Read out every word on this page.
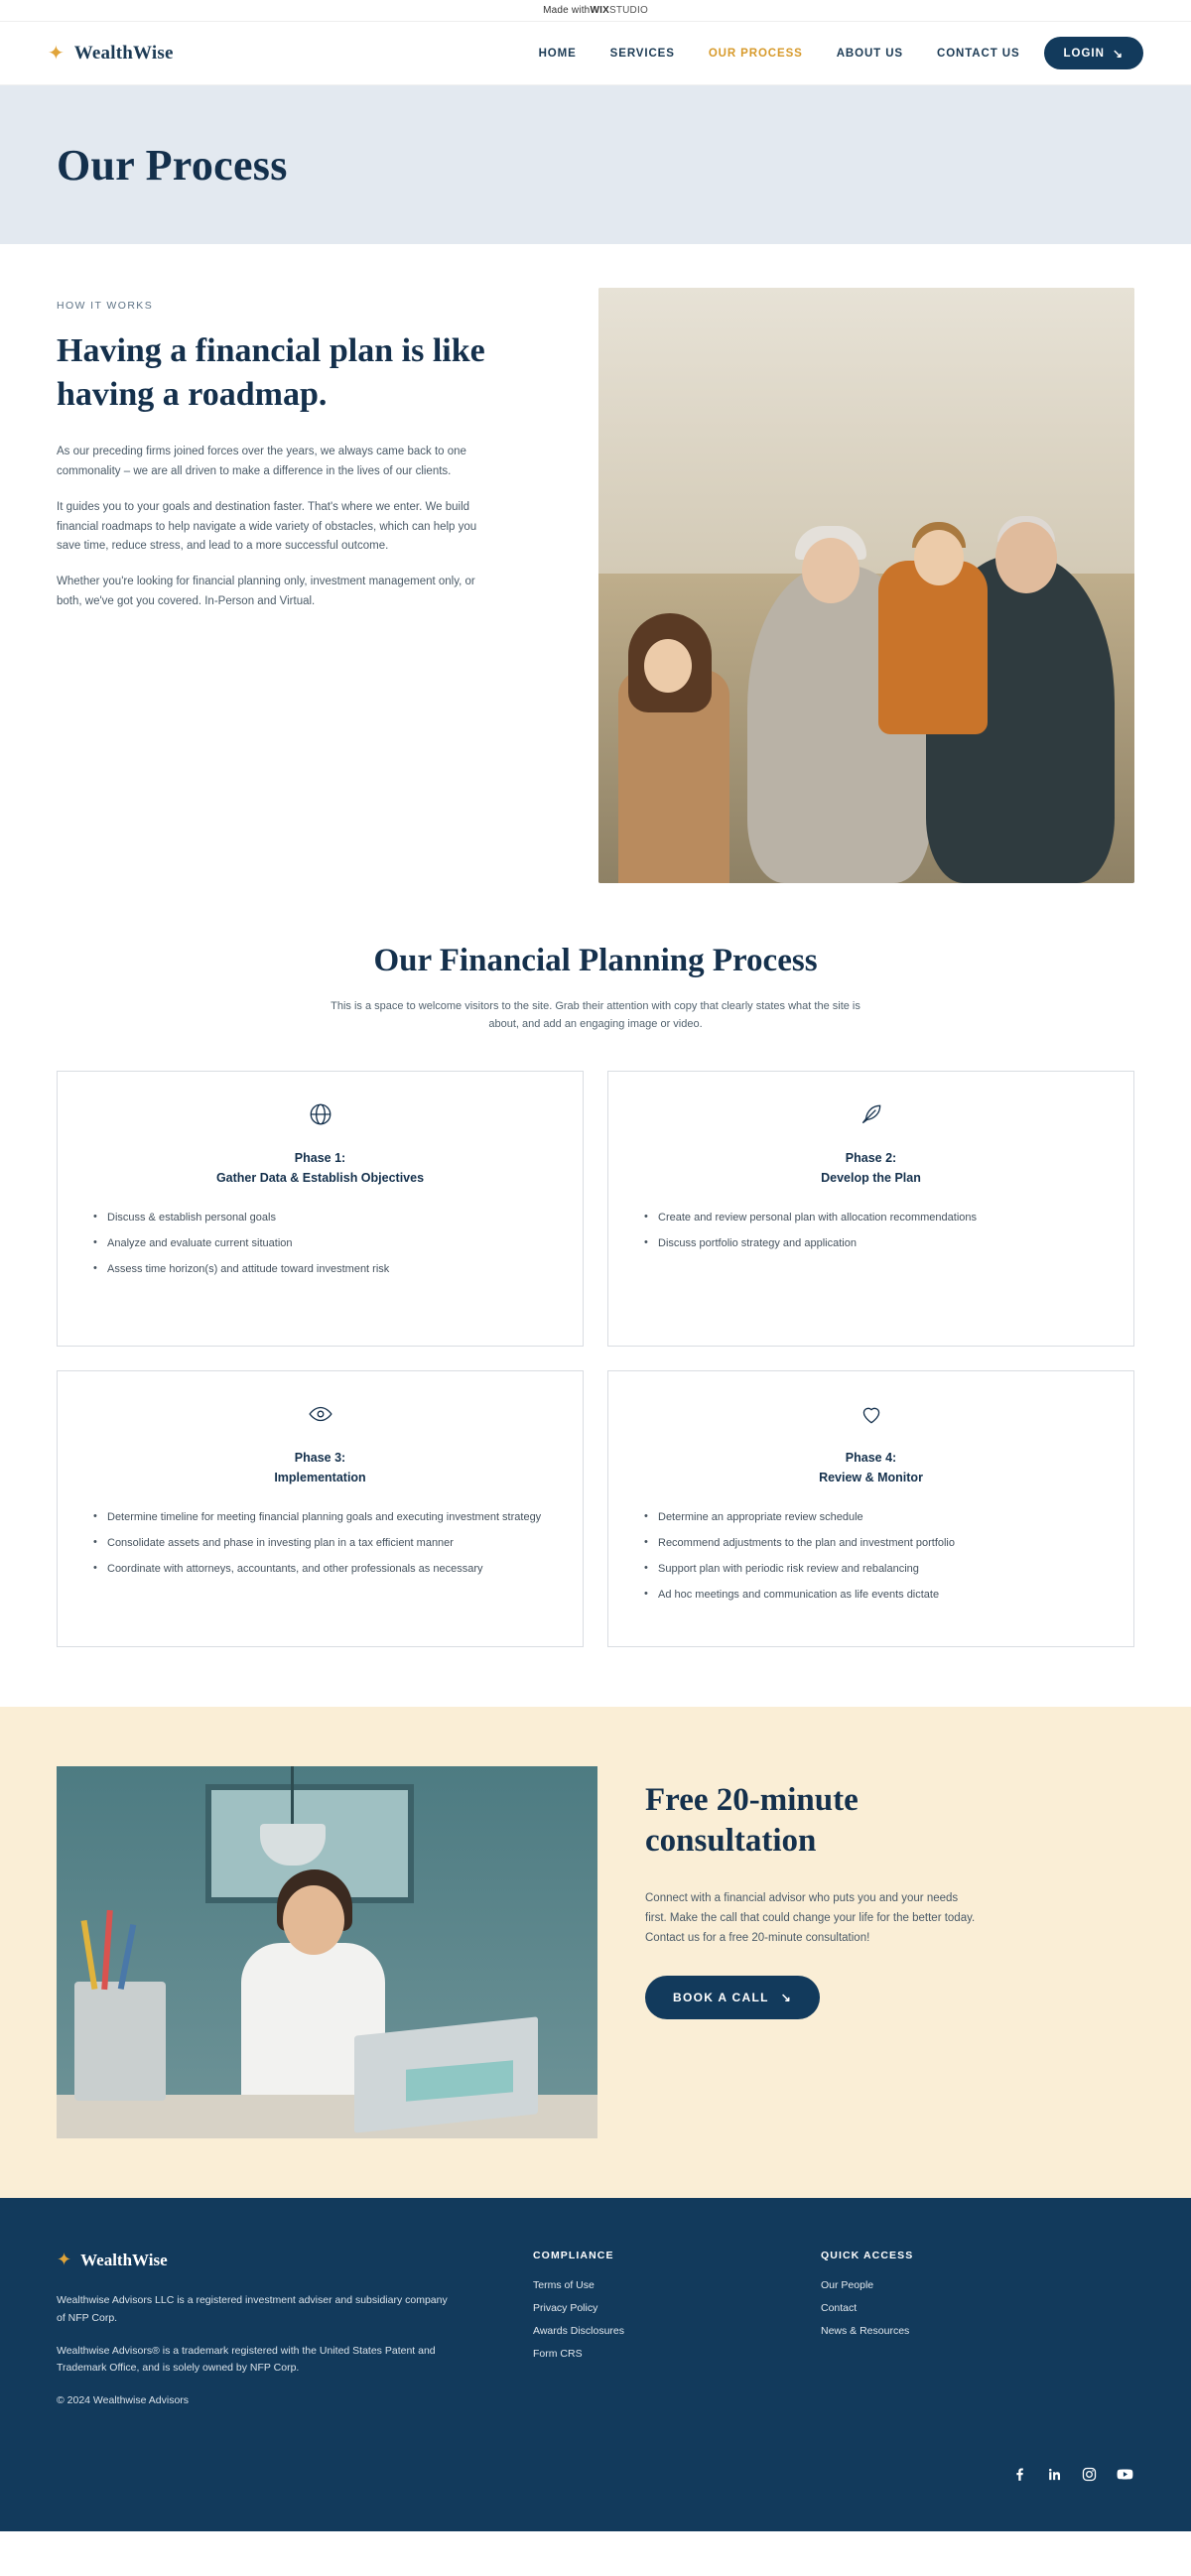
Made with WIX STUDIO
✦ WealthWise	HOME	SERVICES	OUR PROCESS	ABOUT US	CONTACT US	LOGIN ↘
Our Process
HOW IT WORKS
Having a financial plan is like having a roadmap.

As our preceding firms joined forces over the years, we always came back to one commonality – we are all driven to make a difference in the lives of our clients.

It guides you to your goals and destination faster. That's where we enter. We build financial roadmaps to help navigate a wide variety of obstacles, which can help you save time, reduce stress, and lead to a more successful outcome.

Whether you're looking for financial planning only, investment management only, or both, we've got you covered. In-Person and Virtual.

Our Financial Planning Process
This is a space to welcome visitors to the site. Grab their attention with copy that clearly states what the site is about, and add an engaging image or video.
Phase 1:
Gather Data & Establish Objectives
• Discuss & establish personal goals
• Analyze and evaluate current situation
• Assess time horizon(s) and attitude toward investment risk
Phase 2:
Develop the Plan
• Create and review personal plan with allocation recommendations
• Discuss portfolio strategy and application
Phase 3:
Implementation
• Determine timeline for meeting financial planning goals and executing investment strategy
• Consolidate assets and phase in investing plan in a tax efficient manner
• Coordinate with attorneys, accountants, and other professionals as necessary
Phase 4:
Review & Monitor
• Determine an appropriate review schedule
• Recommend adjustments to the plan and investment portfolio
• Support plan with periodic risk review and rebalancing
• Ad hoc meetings and communication as life events dictate
Free 20-minute consultation

Connect with a financial advisor who puts you and your needs first. Make the call that could change your life for the better today. Contact us for a free 20-minute consultation!

BOOK A CALL ↘
✦ WealthWise

Wealthwise Advisors LLC is a registered investment adviser and subsidiary company of NFP Corp.

Wealthwise Advisors® is a trademark registered with the United States Patent and Trademark Office, and is solely owned by NFP Corp.

© 2024 Wealthwise Advisors

COMPLIANCE
Terms of Use
Privacy Policy
Awards Disclosures
Form CRS
QUICK ACCESS
Our People
Contact
News & Resources
